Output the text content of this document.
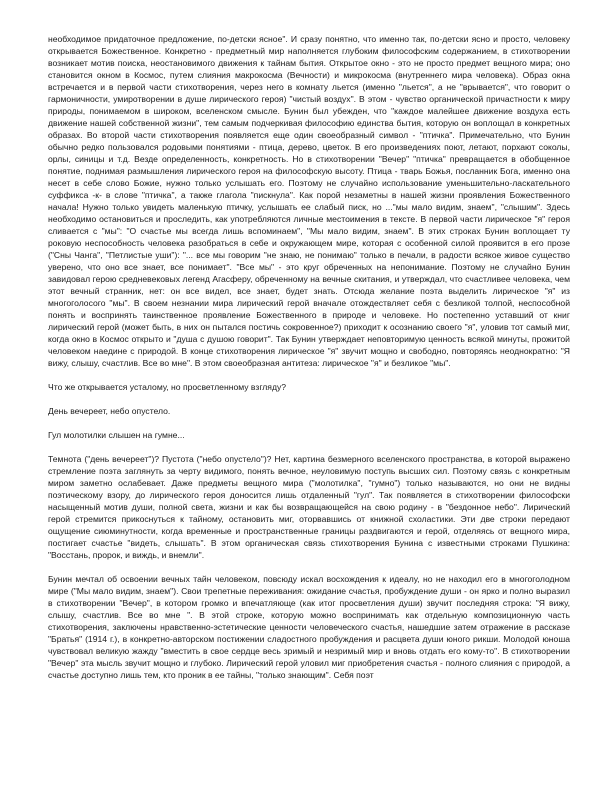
необходимое придаточное предложение, по-детски ясное". И сразу понятно, что именно так, по-детски ясно и просто, человеку открывается Божественное. Конкретно - предметный мир наполняется глубоким философским содержанием, в стихотворении возникает мотив поиска, неостановимого движения к тайнам бытия. Открытое окно - это не просто предмет вещного мира; оно становится окном в Космос, путем слияния макрокосма (Вечности) и микрокосма (внутреннего мира человека). Образ окна встречается и в первой части стихотворения, через него в комнату льется (именно "льется", а не "врывается", что говорит о гармоничности, умиротворении в душе лирического героя) "чистый воздух". В этом - чувство органической причастности к миру природы, понимаемом в широком, вселенском смысле. Бунин был убежден, что "каждое малейшее движение воздуха есть движение нашей собственной жизни", тем самым подчеркивая философию единства бытия, которую он воплощал в конкретных образах. Во второй части стихотворения появляется еще один своеобразный символ - "птичка". Примечательно, что Бунин обычно редко пользовался родовыми понятиями - птица, дерево, цветок. В его произведениях поют, летают, порхают соколы, орлы, синицы и т.д. Везде определенность, конкретность. Но в стихотворении "Вечер" "птичка" превращается в обобщенное понятие, поднимая размышления лирического героя на философскую высоту. Птица - тварь Божья, посланник Бога, именно она несет в себе слово Божие, нужно только услышать его. Поэтому не случайно использование уменьшительно-ласкательного суффикса -к- в слове "птичка", а также глагола "пискнула". Как порой незаметны в нашей жизни проявления Божественного начала! Нужно только увидеть маленькую птичку, услышать ее слабый писк, но ..."мы мало видим, знаем", "слышим". Здесь необходимо остановиться и проследить, как употребляются личные местоимения в тексте. В первой части лирическое "я" героя сливается с "мы": "О счастье мы всегда лишь вспоминаем", "Мы мало видим, знаем". В этих строках Бунин воплощает ту роковую неспособность человека разобраться в себе и окружающем мире, которая с особенной силой проявится в его прозе ("Сны Чанга", "Петлистые уши"): "... все мы говорим "не знаю, не понимаю" только в печали, в радости всякое живое существо уверено, что оно все знает, все понимает". "Все мы" - это круг обреченных на непонимание. Поэтому не случайно Бунин завидовал герою средневековых легенд Агасферу, обреченному на вечные скитания, и утверждал, что счастливее человека, чем этот вечный странник, нет: он все видел, все знает, будет знать. Отсюда желание поэта выделить лирическое "я" из многоголосого "мы". В своем незнании мира лирический герой вначале отождествляет себя с безликой толпой, неспособной понять и воспринять таинственное проявление Божественного в природе и человеке. Но постепенно уставший от книг лирический герой (может быть, в них он пытался постичь сокровенное?) приходит к осознанию своего "я", уловив тот самый миг, когда окно в Космос открыто и "душа с душою говорит". Так Бунин утверждает неповторимую ценность всякой минуты, прожитой человеком наедине с природой. В конце стихотворения лирическое "я" звучит мощно и свободно, повторяясь неоднократно: "Я вижу, слышу, счастлив. Все во мне". В этом своеобразная антитеза: лирическое "я" и безликое "мы".

Что же открывается усталому, но просветленному взгляду?

День вечереет, небо опустело.

Гул молотилки слышен на гумне...

Темнота ("день вечереет")? Пустота ("небо опустело")? Нет, картина безмерного вселенского пространства, в которой выражено стремление поэта заглянуть за черту видимого, понять вечное, неуловимую поступь высших сил. Поэтому связь с конкретным миром заметно ослабевает. Даже предметы вещного мира ("молотилка", "гумно") только называются, но они не видны поэтическому взору, до лирического героя доносится лишь отдаленный "гул". Так появляется в стихотворении философски насыщенный мотив души, полной света, жизни и как бы возвращающейся на свою родину - в "бездонное небо". Лирический герой стремится прикоснуться к тайному, остановить миг, оторвавшись от книжной схоластики. Эти две строки передают ощущение сиюминутности, когда временные и пространственные границы раздвигаются и герой, отделяясь от вещного мира, постигает счастье "видеть, слышать". В этом органическая связь стихотворения Бунина с известными строками Пушкина: "Восстань, пророк, и виждь, и внемли".

Бунин мечтал об освоении вечных тайн человеком, повсюду искал восхождения к идеалу, но не находил его в многоголодном мире ("Мы мало видим, знаем"). Свои трепетные переживания: ожидание счастья, пробуждение души - он ярко и полно выразил в стихотворении "Вечер", в котором громко и впечатляюще (как итог просветления души) звучит последняя строка: "Я вижу, слышу, счастлив. Все во мне ". В этой строке, которую можно воспринимать как отдельную композиционную часть стихотворения, заключены нравственно-эстетические ценности человеческого счастья, нашедшие затем отражение в рассказе "Братья" (1914 г.), в конкретно-авторском постижении сладостного пробуждения и расцвета души юного рикши. Молодой юноша чувствовал великую жажду "вместить в свое сердце весь зримый и незримый мир и вновь отдать его кому-то". В стихотворении "Вечер" эта мысль звучит мощно и глубоко. Лирический герой уловил миг приобретения счастья - полного слияния с природой, а счастье доступно лишь тем, кто проник в ее тайны, "только знающим". Себя поэт
